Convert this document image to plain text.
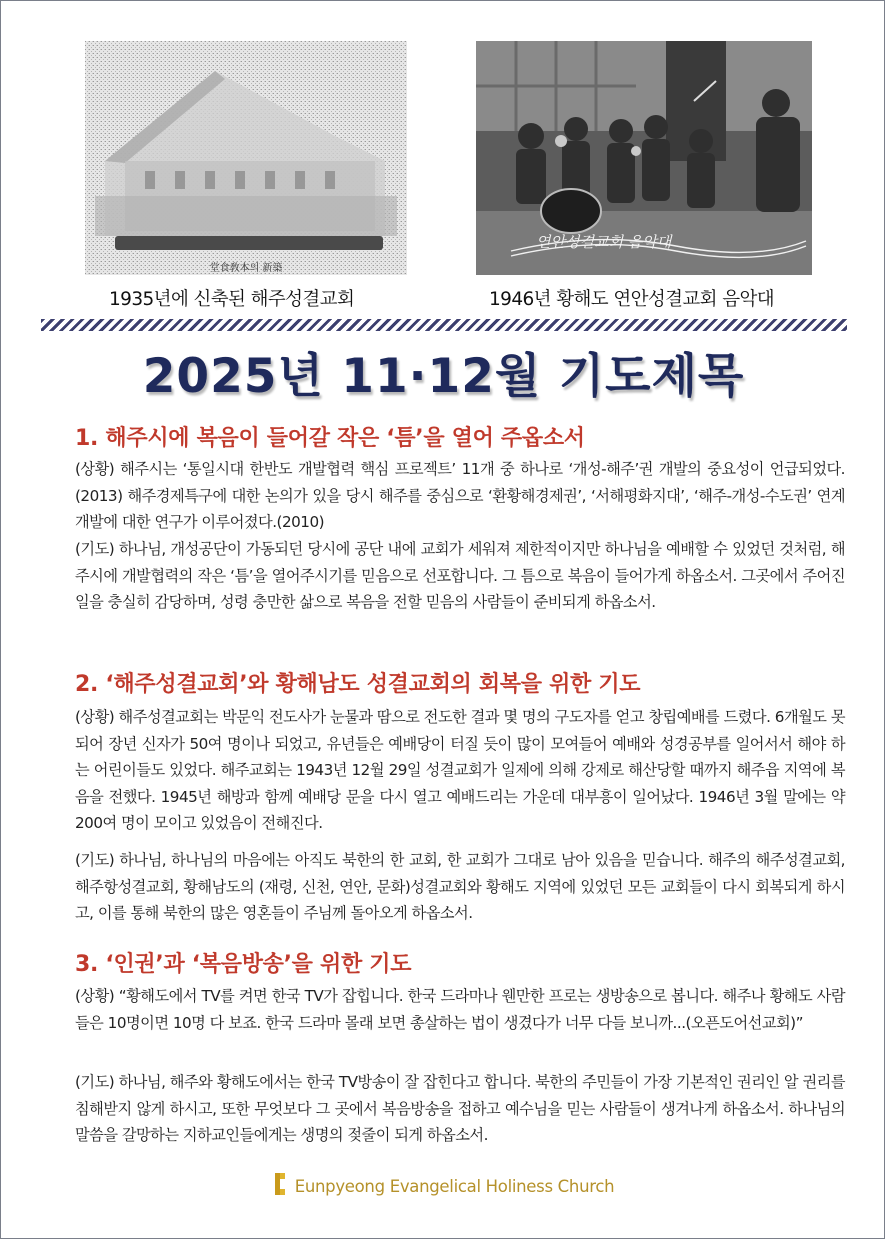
堂食敎本의 新築
연안성결교회 음악대
1935년에 신축된 해주성결교회	1946년 황해도 연안성결교회 음악대
2025년 11·12월 기도제목
1. 해주시에 복음이 들어갈 작은 ‘틈’을 열어 주옵소서

(상황) 해주시는 ‘통일시대 한반도 개발협력 핵심 프로젝트’ 11개 중 하나로 ‘개성-해주’권 개발의 중요성이 언급되었다.(2013) 해주경제특구에 대한 논의가 있을 당시 해주를 중심으로 ‘환황해경제권’, ‘서해평화지대’, ‘해주-개성-수도권’ 연계 개발에 대한 연구가 이루어졌다.(2010)

(기도) 하나님, 개성공단이 가동되던 당시에 공단 내에 교회가 세워져 제한적이지만 하나님을 예배할 수 있었던 것처럼, 해주시에 개발협력의 작은 ‘틈’을 열어주시기를 믿음으로 선포합니다. 그 틈으로 복음이 들어가게 하옵소서. 그곳에서 주어진 일을 충실히 감당하며, 성령 충만한 삶으로 복음을 전할 믿음의 사람들이 준비되게 하옵소서.

2. ‘해주성결교회’와 황해남도 성결교회의 회복을 위한 기도

(상황) 해주성결교회는 박문익 전도사가 눈물과 땀으로 전도한 결과 몇 명의 구도자를 얻고 창립예배를 드렸다. 6개월도 못 되어 장년 신자가 50여 명이나 되었고, 유년들은 예배당이 터질 듯이 많이 모여들어 예배와 성경공부를 일어서서 해야 하는 어린이들도 있었다. 해주교회는 1943년 12월 29일 성결교회가 일제에 의해 강제로 해산당할 때까지 해주읍 지역에 복음을 전했다. 1945년 해방과 함께 예배당 문을 다시 열고 예배드리는 가운데 대부흥이 일어났다. 1946년 3월 말에는 약 200여 명이 모이고 있었음이 전해진다.

(기도) 하나님, 하나님의 마음에는 아직도 북한의 한 교회, 한 교회가 그대로 남아 있음을 믿습니다. 해주의 해주성결교회, 해주항성결교회, 황해남도의 (재령, 신천, 연안, 문화)성결교회와 황해도 지역에 있었던 모든 교회들이 다시 회복되게 하시고, 이를 통해 북한의 많은 영혼들이 주님께 돌아오게 하옵소서.

3. ‘인권’과 ‘복음방송’을 위한 기도

(상황) “황해도에서 TV를 켜면 한국 TV가 잡힙니다. 한국 드라마나 웬만한 프로는 생방송으로 봅니다. 해주나 황해도 사람들은 10명이면 10명 다 보죠. 한국 드라마 몰래 보면 총살하는 법이 생겼다가 너무 다들 보니까...(오픈도어선교회)”

(기도) 하나님, 해주와 황해도에서는 한국 TV방송이 잘 잡힌다고 합니다. 북한의 주민들이 가장 기본적인 권리인 알 권리를 침해받지 않게 하시고, 또한 무엇보다 그 곳에서 복음방송을 접하고 예수님을 믿는 사람들이 생겨나게 하옵소서. 하나님의 말씀을 갈망하는 지하교인들에게는 생명의 젖줄이 되게 하옵소서.

Eunpyeong Evangelical Holiness Church
